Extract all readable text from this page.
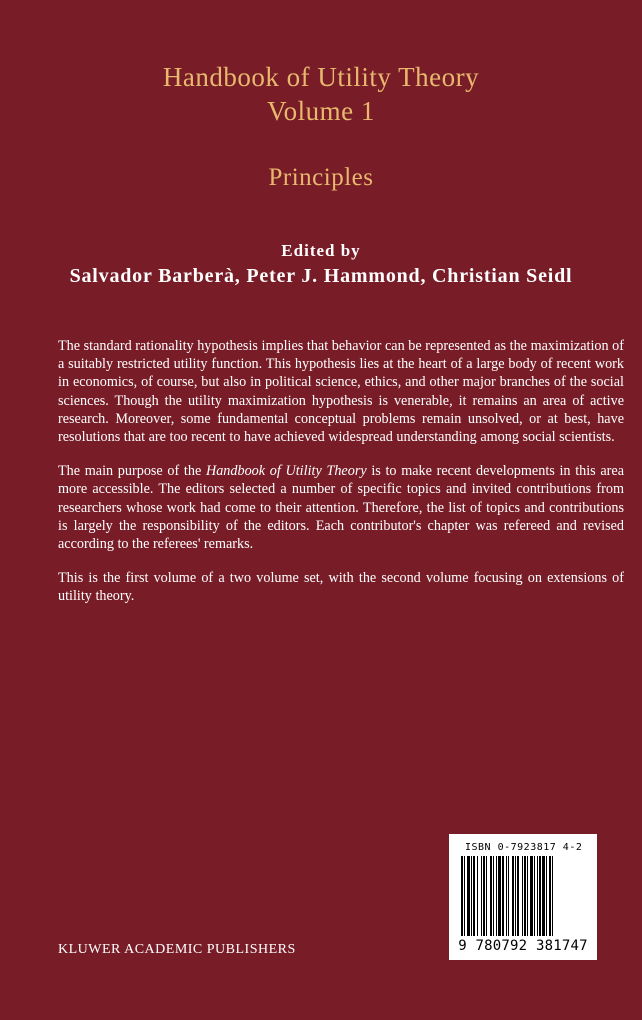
Handbook of Utility Theory
Volume 1
Principles
Edited by
Salvador Barberà, Peter J. Hammond, Christian Seidl

The standard rationality hypothesis implies that behavior can be represented as the maximization of a suitably restricted utility function. This hypothesis lies at the heart of a large body of recent work in economics, of course, but also in political science, ethics, and other major branches of the social sciences. Though the utility maximization hypothesis is venerable, it remains an area of active research. Moreover, some fundamental conceptual problems remain unsolved, or at best, have resolutions that are too recent to have achieved widespread understanding among social scientists.

The main purpose of the Handbook of Utility Theory is to make recent developments in this area more accessible. The editors selected a number of specific topics and invited contributions from researchers whose work had come to their attention. Therefore, the list of topics and contributions is largely the responsibility of the editors. Each contributor's chapter was refereed and revised according to the referees' remarks.

This is the first volume of a two volume set, with the second volume focusing on extensions of utility theory.

ISBN 0-7923817 4-2
9 780792 381747
KLUWER ACADEMIC PUBLISHERS
